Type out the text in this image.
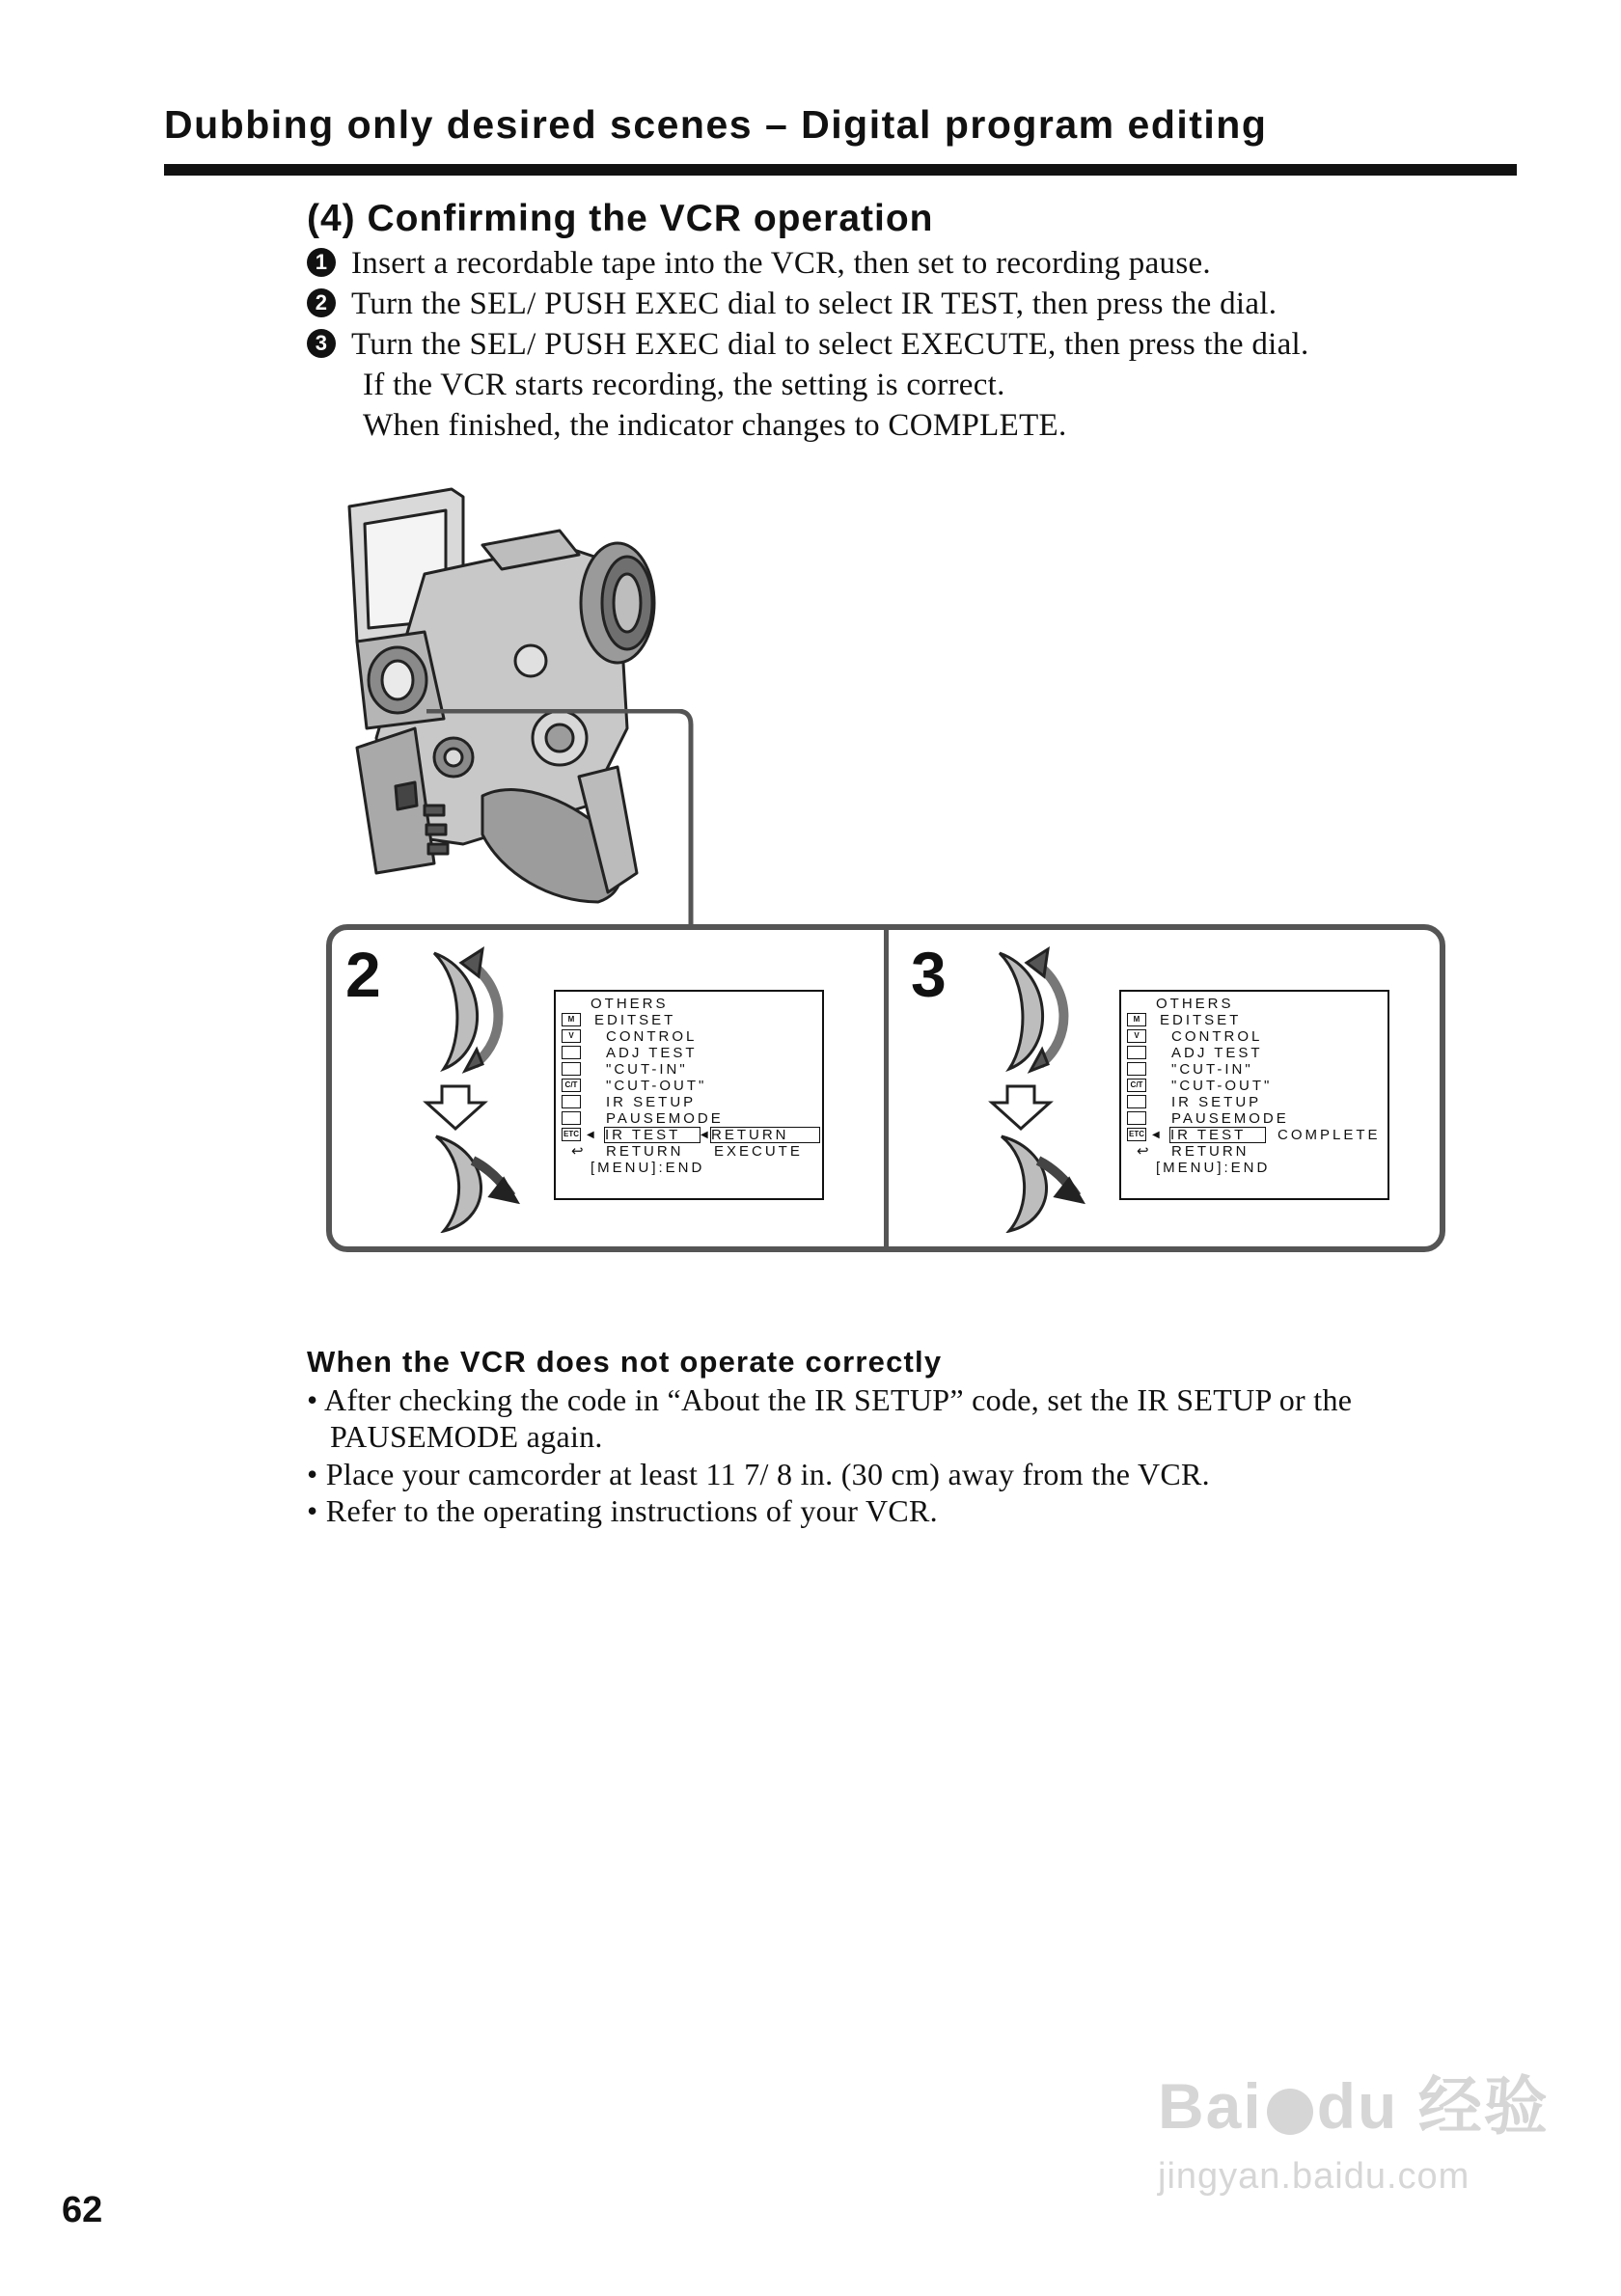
Dubbing only desired scenes – Digital program editing
(4) Confirming the VCR operation
1 Insert a recordable tape into the VCR, then set to recording pause.
2 Turn the SEL/ PUSH EXEC dial to select IR TEST, then press the dial.
3 Turn the SEL/ PUSH EXEC dial to select EXECUTE, then press the dial.
If the VCR starts recording, the setting is correct.
When finished, the indicator changes to COMPLETE.
2
M
V
C/T
ETC
OTHERS
EDITSET
CONTROL
ADJ TEST
"CUT-IN"
"CUT-OUT"
IR SETUP
PAUSEMODE
◀ IR TEST	◀ RETURN
↩ RETURN EXECUTE
[MENU]:END
3
M
V
C/T
ETC
OTHERS
EDITSET
CONTROL
ADJ TEST
"CUT-IN"
"CUT-OUT"
IR SETUP
PAUSEMODE
◀ IR TEST	COMPLETE
↩ RETURN
[MENU]:END
When the VCR does not operate correctly
• After checking the code in “About the IR SETUP” code, set the IR SETUP or the
PAUSEMODE again.
• Place your camcorder at least 11 7/ 8 in. (30 cm) away from the VCR.
• Refer to the operating instructions of your VCR.
62
Bai du 经验
jingyan.baidu.com
